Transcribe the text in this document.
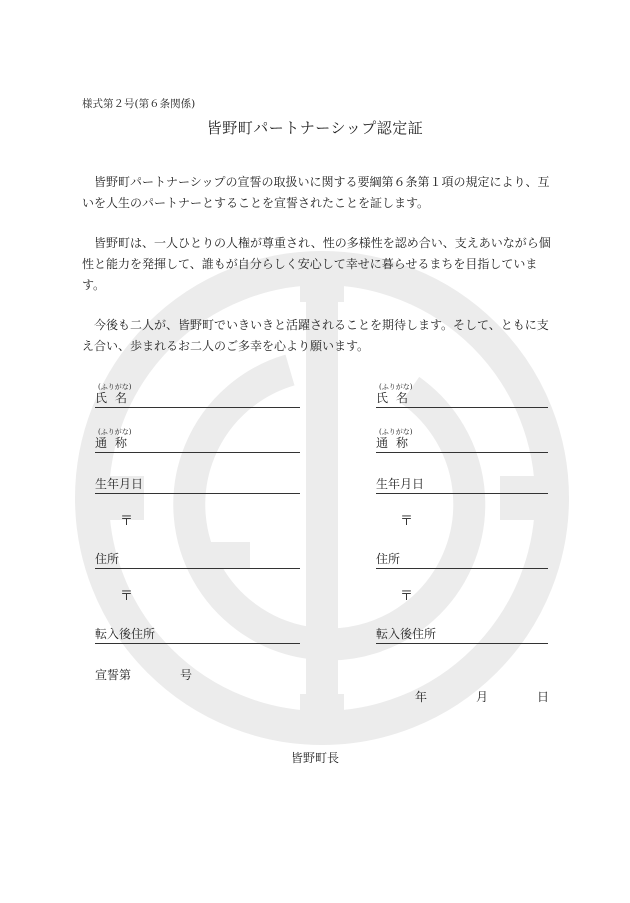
様式第２号(第６条関係)
皆野町パートナーシップ認定証

皆野町パートナーシップの宣誓の取扱いに関する要綱第６条第１項の規定により、互いを人生のパートナーとすることを宣誓されたことを証します。

皆野町は、一人ひとりの人権が尊重され、性の多様性を認め合い、支えあいながら個性と能力を発揮して、誰もが自分らしく安心して幸せに暮らせるまちを目指しています。

今後も二人が、皆野町でいきいきと活躍されることを期待します。そして、ともに支え合い、歩まれるお二人のご多幸を心より願います。

(ふりがな)
氏名
(ふりがな)
通称
生年月日
〒
住所
〒
転入後住所
(ふりがな)
氏名
(ふりがな)
通称
生年月日
〒
住所
〒
転入後住所
宣誓第	号
年	月	日
皆野町長
